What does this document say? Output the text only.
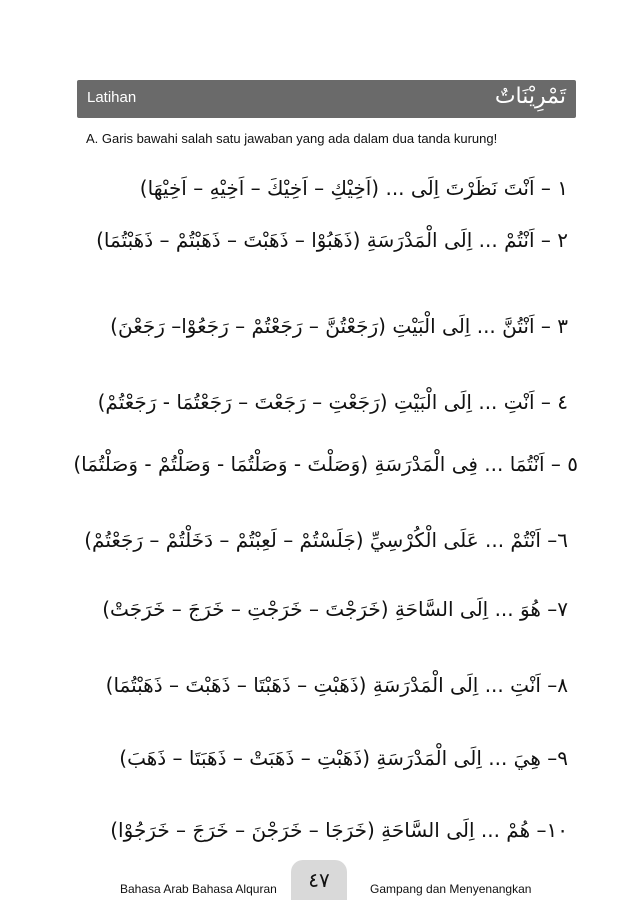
Latihan	تَمْرِيْنَاتٌ
A. Garis bawahi salah satu jawaban yang ada dalam dua tanda kurung!
١ – اَنْتَ نَظَرْتَ اِلَى ... (اَخِيْكِ – اَخِيْكَ – اَخِيْهِ – اَخِيْهَا)
٢ – اَنْتُمْ ... اِلَى الْمَدْرَسَةِ (ذَهَبُوْا – ذَهَبْتَ – ذَهَبْتُمْ – ذَهَبْتُمَا)
٣ – اَنْتُنَّ ... اِلَى الْبَيْتِ (رَجَعْتُنَّ – رَجَعْتُمْ – رَجَعُوْا– رَجَعْنَ)
٤ – اَنْتِ ... اِلَى الْبَيْتِ (رَجَعْتِ – رَجَعْتَ – رَجَعْتُمَا - رَجَعْتُمْ)
٥ – اَنْتُمَا ... فِى الْمَدْرَسَةِ (وَصَلْتَ - وَصَلْتُمَا - وَصَلْتُمْ - وَصَلْتُمَا)
٦– اَنْتُمْ ... عَلَى الْكُرْسِيِّ (جَلَسْتُمْ – لَعِبْتُمْ – دَخَلْتُمْ – رَجَعْتُمْ)
٧– هُوَ ... اِلَى السَّاحَةِ (خَرَجْتَ – خَرَجْتِ – خَرَجَ – خَرَجَتْ)
٨– اَنْتِ ... اِلَى الْمَدْرَسَةِ (ذَهَبْتِ – ذَهَبْتَا – ذَهَبْتَ – ذَهَبْتُمَا)
٩– هِيَ ... اِلَى الْمَدْرَسَةِ (ذَهَبْتِ – ذَهَبَتْ – ذَهَبَتَا – ذَهَبَ)
١٠– هُمْ ... اِلَى السَّاحَةِ (خَرَجَا – خَرَجْنَ – خَرَجَ – خَرَجُوْا)
Bahasa Arab Bahasa Alquran	٤٧	Gampang dan Menyenangkan
